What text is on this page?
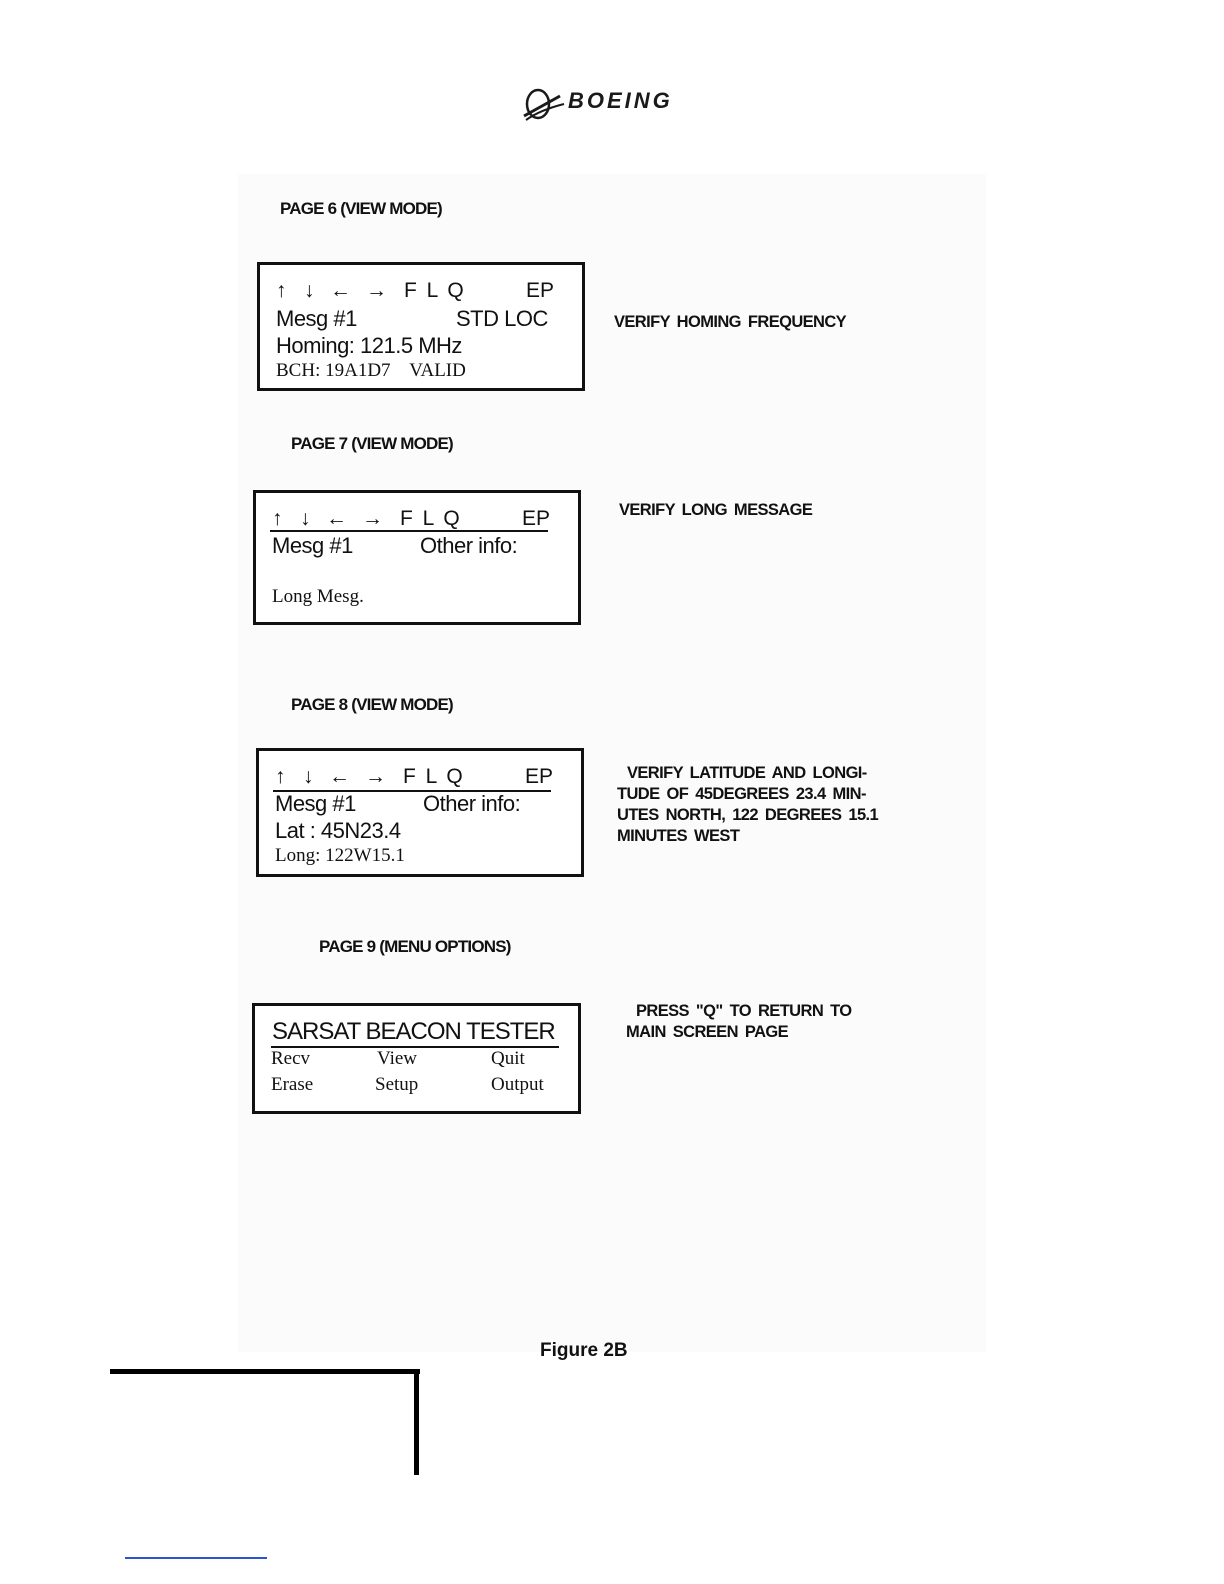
BOEING
PAGE 6 (VIEW MODE)
↑ ↓ ← → F L Q	EP
Mesg #1	STD LOC
Homing: 121.5 MHz
BCH: 19A1D7    VALID
VERIFY HOMING FREQUENCY
PAGE 7 (VIEW MODE)
↑ ↓ ← → F L Q	EP
Mesg #1	Other info:
Long Mesg.
VERIFY LONG MESSAGE
PAGE 8 (VIEW MODE)
↑ ↓ ← → F L Q	EP
Mesg #1	Other info:
Lat : 45N23.4
Long: 122W15.1
VERIFY LATITUDE AND LONGI-
TUDE OF 45DEGREES 23.4 MIN-
UTES NORTH, 122 DEGREES 15.1
MINUTES WEST
PAGE 9 (MENU OPTIONS)
SARSAT BEACON TESTER
Recv	View	Quit
Erase	Setup	Output
PRESS "Q" TO RETURN TO
MAIN SCREEN PAGE
Figure 2B
